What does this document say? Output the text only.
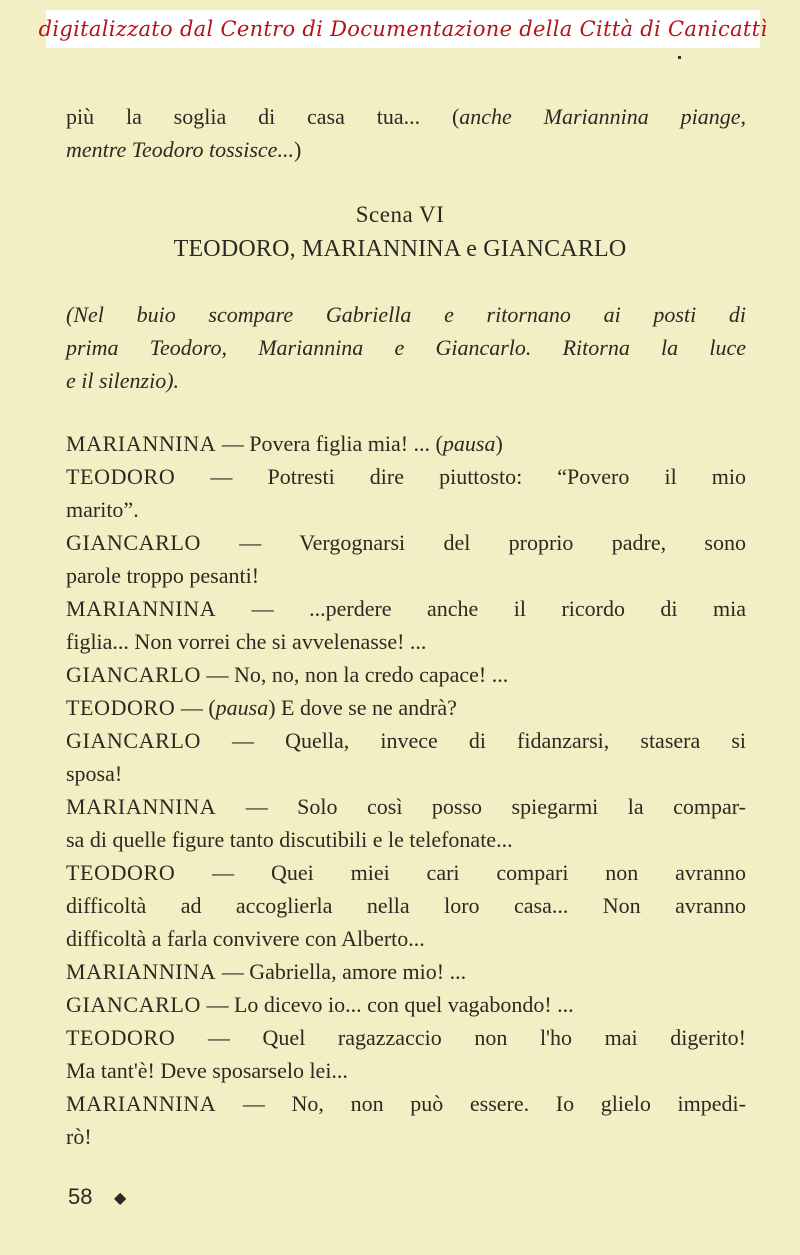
digitalizzato dal Centro di Documentazione della Città di Canicattì
più la soglia di casa tua... (anche Mariannina piange,
mentre Teodoro tossisce...)
Scena VI
TEODORO, MARIANNINA e GIANCARLO
(Nel buio scompare Gabriella e ritornano ai posti di
prima Teodoro, Mariannina e Giancarlo. Ritorna la luce
e il silenzio).
MARIANNINA — Povera figlia mia! ... (pausa)
TEODORO — Potresti dire piuttosto: “Povero il mio
marito”.
GIANCARLO — Vergognarsi del proprio padre, sono
parole troppo pesanti!
MARIANNINA — ...perdere anche il ricordo di mia
figlia... Non vorrei che si avvelenasse! ...
GIANCARLO — No, no, non la credo capace! ...
TEODORO — (pausa) E dove se ne andrà?
GIANCARLO — Quella, invece di fidanzarsi, stasera si
sposa!
MARIANNINA — Solo così posso spiegarmi la compar-
sa di quelle figure tanto discutibili e le telefonate...
TEODORO — Quei miei cari compari non avranno
difficoltà ad accoglierla nella loro casa... Non avranno
difficoltà a farla convivere con Alberto...
MARIANNINA — Gabriella, amore mio! ...
GIANCARLO — Lo dicevo io... con quel vagabondo! ...
TEODORO — Quel ragazzaccio non l'ho mai digerito!
Ma tant'è! Deve sposarselo lei...
MARIANNINA — No, non può essere. Io glielo impedi-
rò!
58 ◆
